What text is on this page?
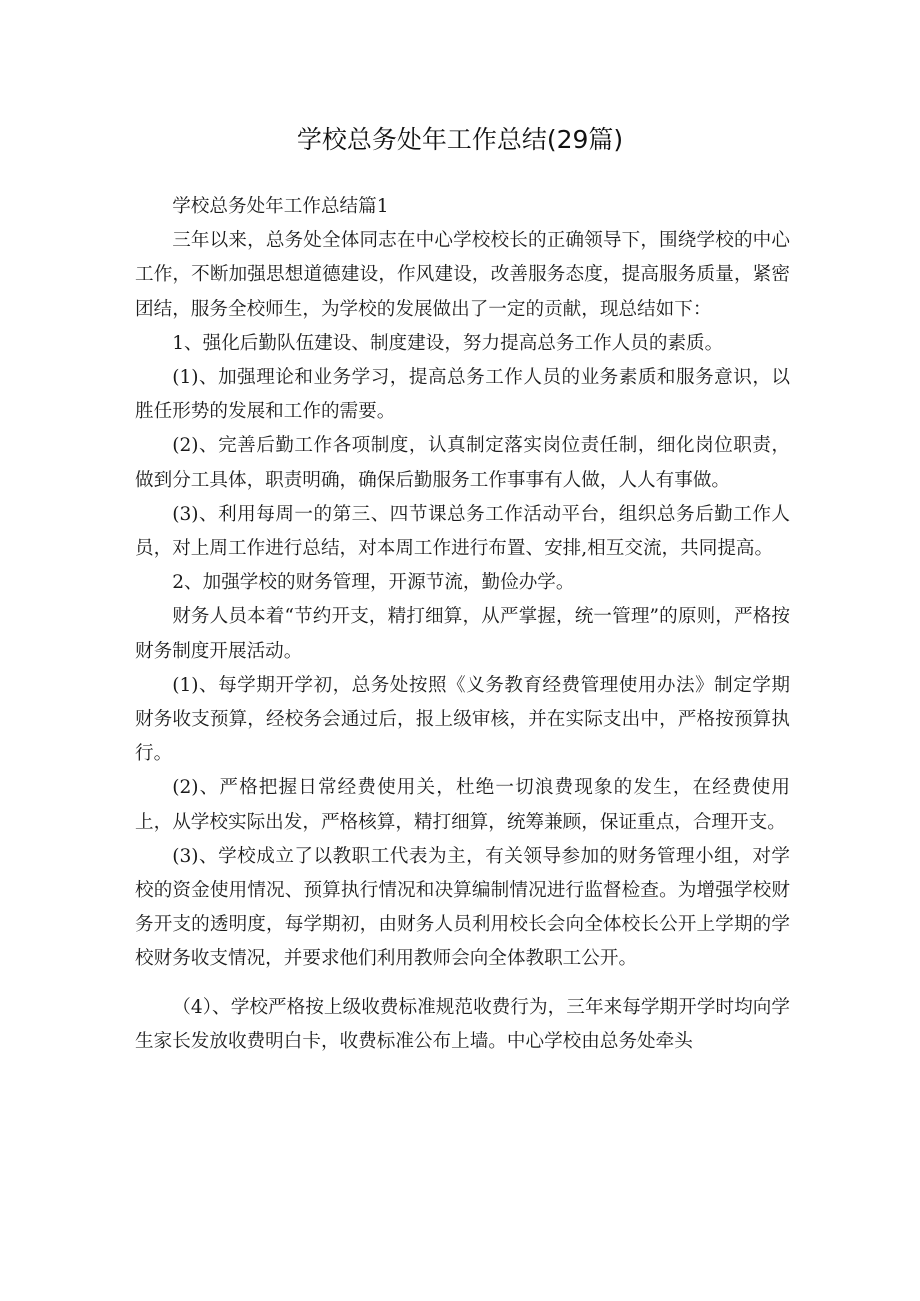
学校总务处年工作总结(29篇)

学校总务处年工作总结篇1

三年以来，总务处全体同志在中心学校校长的正确领导下，围绕学校的中心工作，不断加强思想道德建设，作风建设，改善服务态度，提高服务质量，紧密团结，服务全校师生，为学校的发展做出了一定的贡献，现总结如下：

1、强化后勤队伍建设、制度建设，努力提高总务工作人员的素质。

(1)、加强理论和业务学习，提高总务工作人员的业务素质和服务意识，以胜任形势的发展和工作的需要。

(2)、完善后勤工作各项制度，认真制定落实岗位责任制，细化岗位职责，做到分工具体，职责明确，确保后勤服务工作事事有人做，人人有事做。

(3)、利用每周一的第三、四节课总务工作活动平台，组织总务后勤工作人员，对上周工作进行总结，对本周工作进行布置、安排,相互交流，共同提高。

2、加强学校的财务管理，开源节流，勤俭办学。

财务人员本着“节约开支，精打细算，从严掌握，统一管理”的原则，严格按财务制度开展活动。

(1)、每学期开学初，总务处按照《义务教育经费管理使用办法》制定学期财务收支预算，经校务会通过后，报上级审核，并在实际支出中，严格按预算执行。

(2)、严格把握日常经费使用关，杜绝一切浪费现象的发生，在经费使用上，从学校实际出发，严格核算，精打细算，统筹兼顾，保证重点，合理开支。

(3)、学校成立了以教职工代表为主，有关领导参加的财务管理小组，对学校的资金使用情况、预算执行情况和决算编制情况进行监督检查。为增强学校财务开支的透明度，每学期初，由财务人员利用校长会向全体校长公开上学期的学校财务收支情况，并要求他们利用教师会向全体教职工公开。

（4）、学校严格按上级收费标准规范收费行为，三年来每学期开学时均向学生家长发放收费明白卡，收费标准公布上墙。中心学校由总务处牵头
